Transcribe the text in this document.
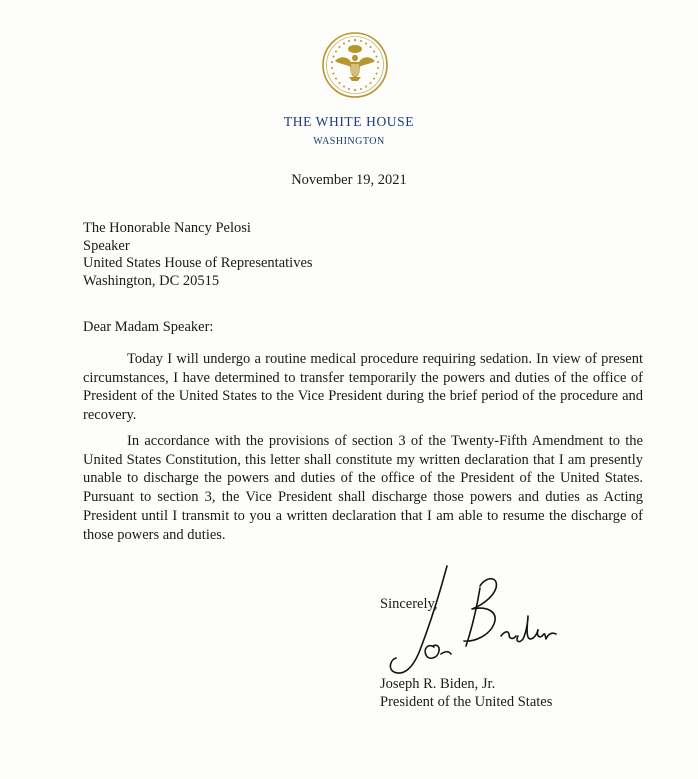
THE WHITE HOUSE
WASHINGTON
November 19, 2021
The Honorable Nancy Pelosi
Speaker
United States House of Representatives
Washington, DC 20515
Dear Madam Speaker:

Today I will undergo a routine medical procedure requiring sedation. In view of present circumstances, I have determined to transfer temporarily the powers and duties of the office of President of the United States to the Vice President during the brief period of the procedure and recovery.

In accordance with the provisions of section 3 of the Twenty-Fifth Amendment to the United States Constitution, this letter shall constitute my written declaration that I am presently unable to discharge the powers and duties of the office of the President of the United States. Pursuant to section 3, the Vice President shall discharge those powers and duties as Acting President until I transmit to you a written declaration that I am able to resume the discharge of those powers and duties.

Sincerely,
Joseph R. Biden, Jr.
President of the United States
